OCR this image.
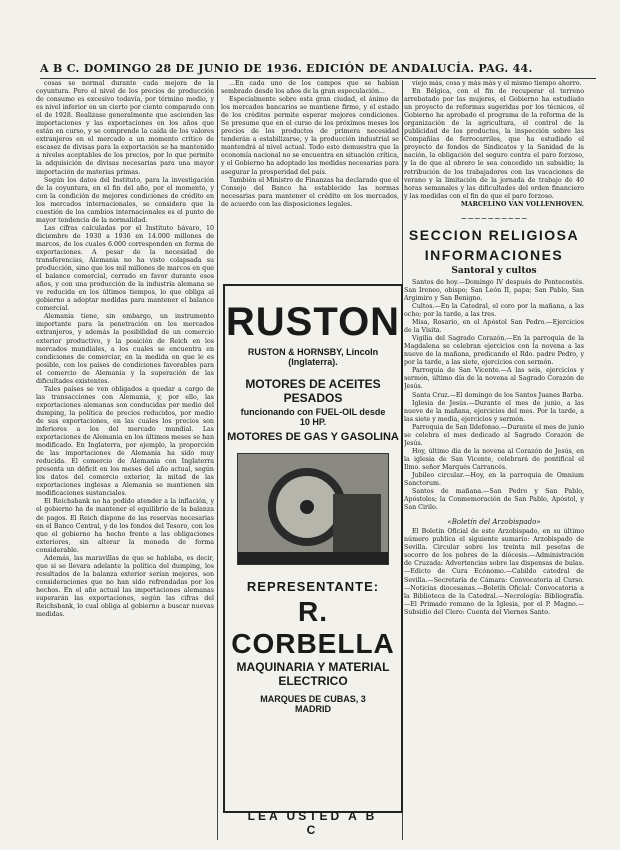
A B C. DOMINGO 28 DE JUNIO DE 1936. EDICIÓN DE ANDALUCÍA. PAG. 44.

cosas se normal durante cada mejora de la coyuntura. Pero el nivel de los precios de producción de consumo es excesivo todavía, por término medio, y es nivel inferior en un cierto por ciento comparado con el de 1928. Realizase generalmente que ascienden las importaciones y las exportaciones en los años que están en curso, y se comprende la caída de los valores extranjeros en el mercado a un momento crítico de escasez de divisas para la exportación se ha mantenido a niveles aceptables de los precios, por lo que permite la adquisición de divisas necesarias para una mayor importación de materias primas.

Según los datos del Instituto, para la investigación de la coyuntura, en el fin del año, por el momento, y con la condición de mejores condiciones de crédito en los mercados internacionales, se considera que la cuestión de los cambios internacionales es el punto de mayor tendencia de la normalidad.

Las cifras calculadas por el Instituto bávaro, 10 diciembre de 1930 a 1936 en 14.000 millones de marcos, de los cuales 6.000 corresponden en forma de exportaciones. A pesar de la necesidad de transferencias, Alemania no ha visto colapsada su producción, sino que los mil millones de marcos en que el balance comercial, cerrado en favor durante esos años, y con una producción de la industria alemana se ve reducida en los últimos tiempos, lo que obliga al gobierno a adoptar medidas para mantener el balance comercial.

Alemania tiene, sin embargo, un instrumento importante para la penetración en los mercados extranjeros, y además la posibilidad de un comercio exterior productivo, y la posición de Reich en los mercados mundiales, a los cuales se encuentra en condiciones de comerciar, en la medida en que le es posible, con los países de condiciones favorables para el comercio de Alemania y la superación de las dificultades existentes.

Tales países se ven obligados a quedar a cargo de las transacciones con Alemania, y, por ello, las exportaciones alemanas son conducidas por medio del dumping, la política de precios reducidos, por medio de sus exportaciones, en las cuales los precios son inferiores a los del mercado mundial. Las exportaciones de Alemania en los últimos meses se han modificado. En Inglaterra, por ejemplo, la proporción de las importaciones de Alemania ha sido muy reducida. El comercio de Alemania con Inglaterra presenta un déficit en los meses del año actual, según los datos del comercio exterior, la mitad de las exportaciones inglesas a Alemania se mantienen sin modificaciones sustanciales.

El Reichsbank no ha podido atender a la inflación, y el gobierno ha de mantener el equilibrio de la balanza de pagos. El Reich dispone de las reservas necesarias en el Banco Central, y de los fondos del Tesoro, con los que el gobierno ha hecho frente a las obligaciones exteriores, sin alterar la moneda de forma considerable.

Además, las maravillas de que se hablaba, es decir, que si se llevara adelante la política del dumping, los resultados de la balanza exterior serían mejores, son consideraciones que no han sido refrendadas por los hechos. En el año actual las importaciones alemanas superarán las exportaciones, según las cifras del Reichsbank, lo cual obliga al gobierno a buscar nuevas medidas.

...En cada uno de los campos que se habían sembrado desde los años de la gran especulación...

Especialmente sobre esta gran ciudad, el ánimo de los mercados bancarios se mantiene firme, y el estado de los créditos permite esperar mejores condiciones. Se presume que en el curso de los próximos meses los precios de los productos de primera necesidad tenderán a estabilizarse, y la producción industrial se mantendrá al nivel actual. Todo esto demuestra que la economía nacional no se encuentra en situación crítica, y el Gobierno ha adoptado las medidas necesarias para asegurar la prosperidad del país.

También el Ministro de Finanzas ha declarado que el Consejo del Banco ha establecido las normas necesarias para mantener el crédito en los mercados, de acuerdo con las disposiciones legales.

RUSTON
RUSTON & HORNSBY, Lincoln
(Inglaterra).
MOTORES DE ACEITES PESADOS
funcionando con FUEL-OIL desde
10 HP.
MOTORES DE GAS Y GASOLINA
REPRESENTANTE:
R. CORBELLA
MAQUINARIA Y MATERIAL
ELECTRICO
MARQUES DE CUBAS, 3
MADRID
LEA USTED A B C

viejo más, cosa y más más y el mismo tiempo ahorro.

En Bélgica, con el fin de recuperar el terreno arrebatado por las mujeres, el Gobierno ha estudiado un proyecto de reformas sugeridas por los técnicos, el Gobierno ha aprobado el programa de la reforma de la organización de la agricultura, el control de la publicidad de los productos, la inspección sobre las Compañías de ferrocarriles, que ha estudiado el proyecto de fondos de Sindicatos y la Sanidad de la nación, la obligación del seguro contra el paro forzoso, y la de que al obrero le sea concedido un subsidio; la retribución de los trabajadores con las vacaciones de verano y la limitación de la jornada de trabajo de 40 horas semanales y las dificultades del orden financiero y las medidas con el fin de que el paro forzoso.

MARCELINO VAN VOLLENHOVEN.

~~~~~~~~~~
SECCION RELIGIOSA
INFORMACIONES
Santoral y cultos

Santos de hoy.—Domingo IV después de Pentecostés. San Ireneo, obispo; San León II, papa; San Pablo, San Argimiro y San Benigno.

Cultos.—En la Catedral, el coro por la mañana, a las ocho; por la tarde, a las tres.

Misa, Rosario, en el Apóstol San Pedro.—Ejercicios de la Visita.

Vigilia del Sagrado Corazón.—En la parroquia de la Magdalena se celebran ejercicios con la novena a las nueve de la mañana, predicando el Rdo. padre Pedro, y por la tarde, a las siete, ejercicios con sermón.

Parroquia de San Vicente.—A las seis, ejercicios y sermón, último día de la novena al Sagrado Corazón de Jesús.

Santa Cruz.—El domingo de los Santos Juanes Barba.

Iglesia de Jesús.—Durante el mes de junio, a las nueve de la mañana, ejercicios del mes. Por la tarde, a las siete y media, ejercicios y sermón.

Parroquia de San Ildefonso.—Durante el mes de junio se celebra el mes dedicado al Sagrado Corazón de Jesús.

Hoy, último día de la novena al Corazón de Jesús, en la iglesia de San Vicente, celebrará de pontifical el Ilmo. señor Marqués Carrancés.

Jubileo circular.—Hoy, en la parroquia de Omnium Sanctorum.

Santos de mañana.—San Pedro y San Pablo, Apóstoles; la Conmemoración de San Pablo, Apóstol, y San Cirilo.

«Boletín del Arzobispado»

El Boletín Oficial de este Arzobispado, en su último número publica el siguiente sumario: Arzobispado de Sevilla. Circular sobre los treinta mil pesetas de socorro de los pobres de la diócesis.—Administración de Cruzada: Advertencias sobre las dispensas de bulas.—Edicto de Cura Ecónomo.—Cabildo catedral de Sevilla.—Secretaría de Cámara: Convocatoria al Curso.—Noticias diocesanas.—Boletín Oficial: Convocatoria a la Biblioteca de la Catedral.—Necrología: Bibliografía.—El Primado romano de la Iglesia, por el P. Magno.—Subsidio del Clero: Cuenta del Viernes Santo.
